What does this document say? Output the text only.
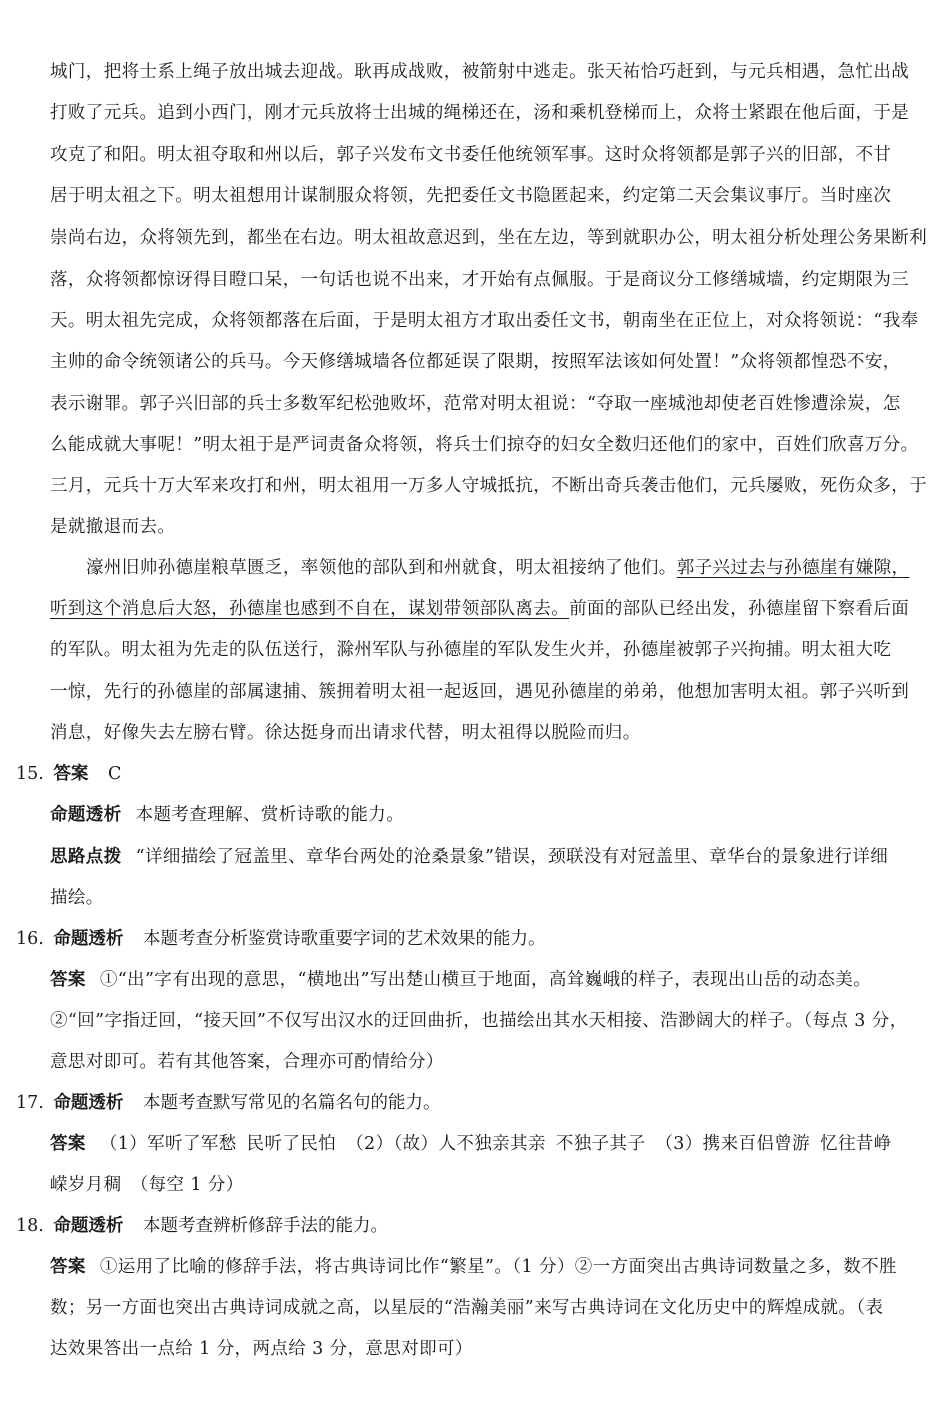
城门，把将士系上绳子放出城去迎战。耿再成战败，被箭射中逃走。张天祐恰巧赶到，与元兵相遇，急忙出战
打败了元兵。追到小西门，刚才元兵放将士出城的绳梯还在，汤和乘机登梯而上，众将士紧跟在他后面，于是
攻克了和阳。明太祖夺取和州以后，郭子兴发布文书委任他统领军事。这时众将领都是郭子兴的旧部，不甘
居于明太祖之下。明太祖想用计谋制服众将领，先把委任文书隐匿起来，约定第二天会集议事厅。当时座次
崇尚右边，众将领先到，都坐在右边。明太祖故意迟到，坐在左边，等到就职办公，明太祖分析处理公务果断利
落，众将领都惊讶得目瞪口呆，一句话也说不出来，才开始有点佩服。于是商议分工修缮城墙，约定期限为三
天。明太祖先完成，众将领都落在后面，于是明太祖方才取出委任文书，朝南坐在正位上，对众将领说：“我奉
主帅的命令统领诸公的兵马。今天修缮城墙各位都延误了限期，按照军法该如何处置！”众将领都惶恐不安，
表示谢罪。郭子兴旧部的兵士多数军纪松弛败坏，范常对明太祖说：“夺取一座城池却使老百姓惨遭涂炭，怎
么能成就大事呢！”明太祖于是严词责备众将领，将兵士们掠夺的妇女全数归还他们的家中，百姓们欣喜万分。
三月，元兵十万大军来攻打和州，明太祖用一万多人守城抵抗，不断出奇兵袭击他们，元兵屡败，死伤众多，于
是就撤退而去。
濠州旧帅孙德崖粮草匮乏，率领他的部队到和州就食，明太祖接纳了他们。郭子兴过去与孙德崖有嫌隙，
听到这个消息后大怒，孙德崖也感到不自在，谋划带领部队离去。前面的部队已经出发，孙德崖留下察看后面
的军队。明太祖为先走的队伍送行，滁州军队与孙德崖的军队发生火并，孙德崖被郭子兴拘捕。明太祖大吃
一惊，先行的孙德崖的部属逮捕、簇拥着明太祖一起返回，遇见孙德崖的弟弟，他想加害明太祖。郭子兴听到
消息，好像失去左膀右臂。徐达挺身而出请求代替，明太祖得以脱险而归。
15. 答案 C
命题透析 本题考查理解、赏析诗歌的能力。
思路点拨 “详细描绘了冠盖里、章华台两处的沧桑景象”错误，颈联没有对冠盖里、章华台的景象进行详细
描绘。
16. 命题透析 本题考查分析鉴赏诗歌重要字词的艺术效果的能力。
答案 ①“出”字有出现的意思，“横地出”写出楚山横亘于地面，高耸巍峨的样子，表现出山岳的动态美。
②“回”字指迂回，“接天回”不仅写出汉水的迂回曲折，也描绘出其水天相接、浩渺阔大的样子。（每点 3 分，
意思对即可。若有其他答案，合理亦可酌情给分）
17. 命题透析 本题考查默写常见的名篇名句的能力。
答案 （1）军听了军愁 民听了民怕 （2）（故）人不独亲其亲 不独子其子 （3）携来百侣曾游 忆往昔峥
嵘岁月稠　（每空 1 分）
18. 命题透析 本题考查辨析修辞手法的能力。
答案 ①运用了比喻的修辞手法，将古典诗词比作“繁星”。（1 分）②一方面突出古典诗词数量之多，数不胜
数；另一方面也突出古典诗词成就之高，以星辰的“浩瀚美丽”来写古典诗词在文化历史中的辉煌成就。（表
达效果答出一点给 1 分，两点给 3 分，意思对即可）
